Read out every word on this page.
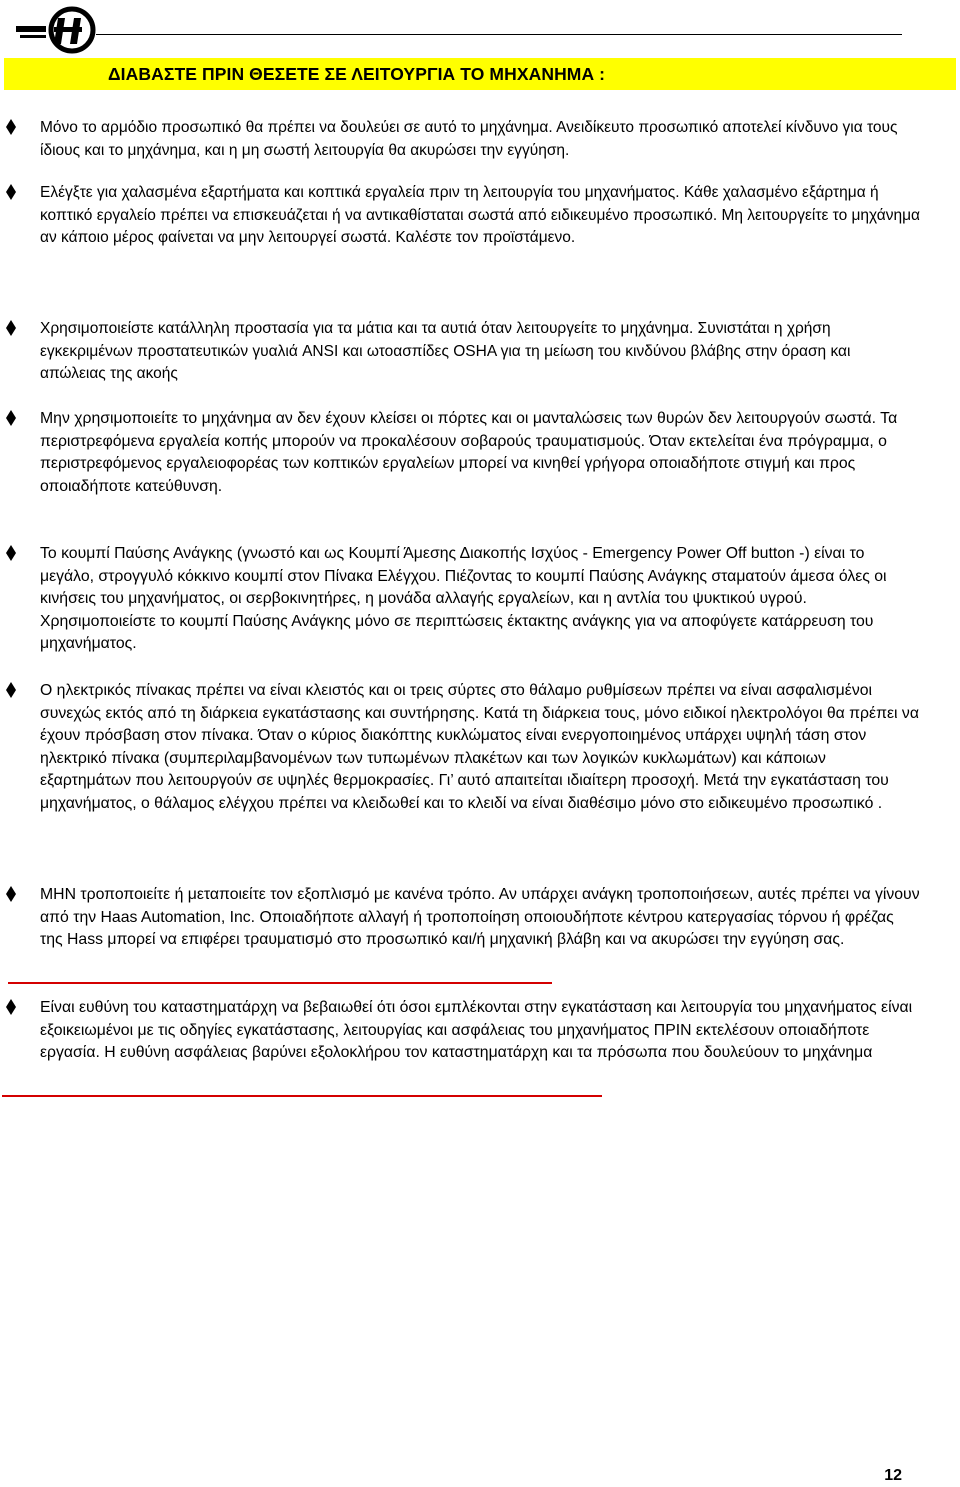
ΔΙΑΒΑΣΤΕ ΠΡΙΝ ΘΕΣΕΤΕ ΣΕ ΛΕΙΤΟΥΡΓΙΑ ΤΟ ΜΗΧΑΝΗΜΑ :

Μόνο το αρμόδιο προσωπικό θα πρέπει να δουλεύει σε αυτό το μηχάνημα. Ανειδίκευτο προσωπικό αποτελεί κίνδυνο για τους ίδιους και το μηχάνημα, και η μη σωστή λειτουργία θα ακυρώσει την εγγύηση.

Ελέγξτε για χαλασμένα εξαρτήματα και κοπτικά εργαλεία πριν τη λειτουργία του μηχανήματος. Κάθε χαλασμένο εξάρτημα ή κοπτικό εργαλείο πρέπει να επισκευάζεται ή να αντικαθίσταται σωστά από ειδικευμένο προσωπικό. Μη λειτουργείτε το μηχάνημα αν κάποιο μέρος φαίνεται να μην λειτουργεί σωστά. Καλέστε τον προϊστάμενο.

Χρησιμοποιείστε κατάλληλη προστασία για τα μάτια και τα αυτιά όταν λειτουργείτε το μηχάνημα. Συνιστάται η χρήση εγκεκριμένων προστατευτικών γυαλιά ANSI και ωτοασπίδες OSHA για τη μείωση του κινδύνου βλάβης στην όραση και απώλειας της ακοής

Μην χρησιμοποιείτε το μηχάνημα αν δεν έχουν κλείσει οι πόρτες και οι μανταλώσεις των θυρών δεν λειτουργούν σωστά. Τα περιστρεφόμενα εργαλεία κοπής μπορούν να προκαλέσουν σοβαρούς τραυματισμούς. Όταν εκτελείται ένα πρόγραμμα, ο περιστρεφόμενος εργαλειοφορέας των κοπτικών εργαλείων μπορεί να κινηθεί γρήγορα οποιαδήποτε στιγμή και προς οποιαδήποτε κατεύθυνση.

Το κουμπί Παύσης Ανάγκης (γνωστό και ως Κουμπί Άμεσης Διακοπής Ισχύος - Emergency Power Off button -) είναι το μεγάλο, στρογγυλό κόκκινο κουμπί στον Πίνακα Ελέγχου. Πιέζοντας το κουμπί Παύσης Ανάγκης σταματούν άμεσα όλες οι κινήσεις του μηχανήματος, οι σερβοκινητήρες, η μονάδα αλλαγής εργαλείων, και η αντλία του ψυκτικού υγρού. Χρησιμοποιείστε το κουμπί Παύσης Ανάγκης μόνο σε περιπτώσεις έκτακτης ανάγκης για να αποφύγετε κατάρρευση του μηχανήματος.

Ο ηλεκτρικός πίνακας πρέπει να είναι κλειστός και οι τρεις σύρτες στο θάλαμο ρυθμίσεων πρέπει να είναι ασφαλισμένοι συνεχώς εκτός από τη διάρκεια εγκατάστασης και συντήρησης. Κατά τη διάρκεια τους, μόνο ειδικοί ηλεκτρολόγοι θα πρέπει να έχουν πρόσβαση στον πίνακα. Όταν ο κύριος διακόπτης κυκλώματος είναι ενεργοποιημένος υπάρχει υψηλή τάση στον ηλεκτρικό πίνακα (συμπεριλαμβανομένων των τυπωμένων πλακέτων και των λογικών κυκλωμάτων) και κάποιων εξαρτημάτων που λειτουργούν σε υψηλές θερμοκρασίες. Γι’ αυτό απαιτείται ιδιαίτερη προσοχή. Μετά την εγκατάσταση του μηχανήματος, ο θάλαμος ελέγχου πρέπει να κλειδωθεί και το κλειδί να είναι διαθέσιμο μόνο στο ειδικευμένο προσωπικό .

ΜΗΝ τροποποιείτε ή μεταποιείτε τον εξοπλισμό με κανένα τρόπο. Αν υπάρχει ανάγκη τροποποιήσεων, αυτές πρέπει να γίνουν από την Haas Automation, Inc. Οποιαδήποτε αλλαγή ή τροποποίηση οποιουδήποτε κέντρου κατεργασίας τόρνου ή φρέζας της Hass μπορεί να επιφέρει τραυματισμό στο προσωπικό και/ή μηχανική βλάβη και να ακυρώσει την εγγύηση σας.

Είναι ευθύνη του καταστηματάρχη να βεβαιωθεί ότι όσοι εμπλέκονται στην εγκατάσταση και λειτουργία του μηχανήματος είναι εξοικειωμένοι με τις οδηγίες εγκατάστασης, λειτουργίας και ασφάλειας του μηχανήματος ΠΡΙΝ εκτελέσουν οποιαδήποτε εργασία. Η ευθύνη ασφάλειας βαρύνει εξολοκλήρου τον καταστηματάρχη και τα πρόσωπα που δουλεύουν το μηχάνημα

12
